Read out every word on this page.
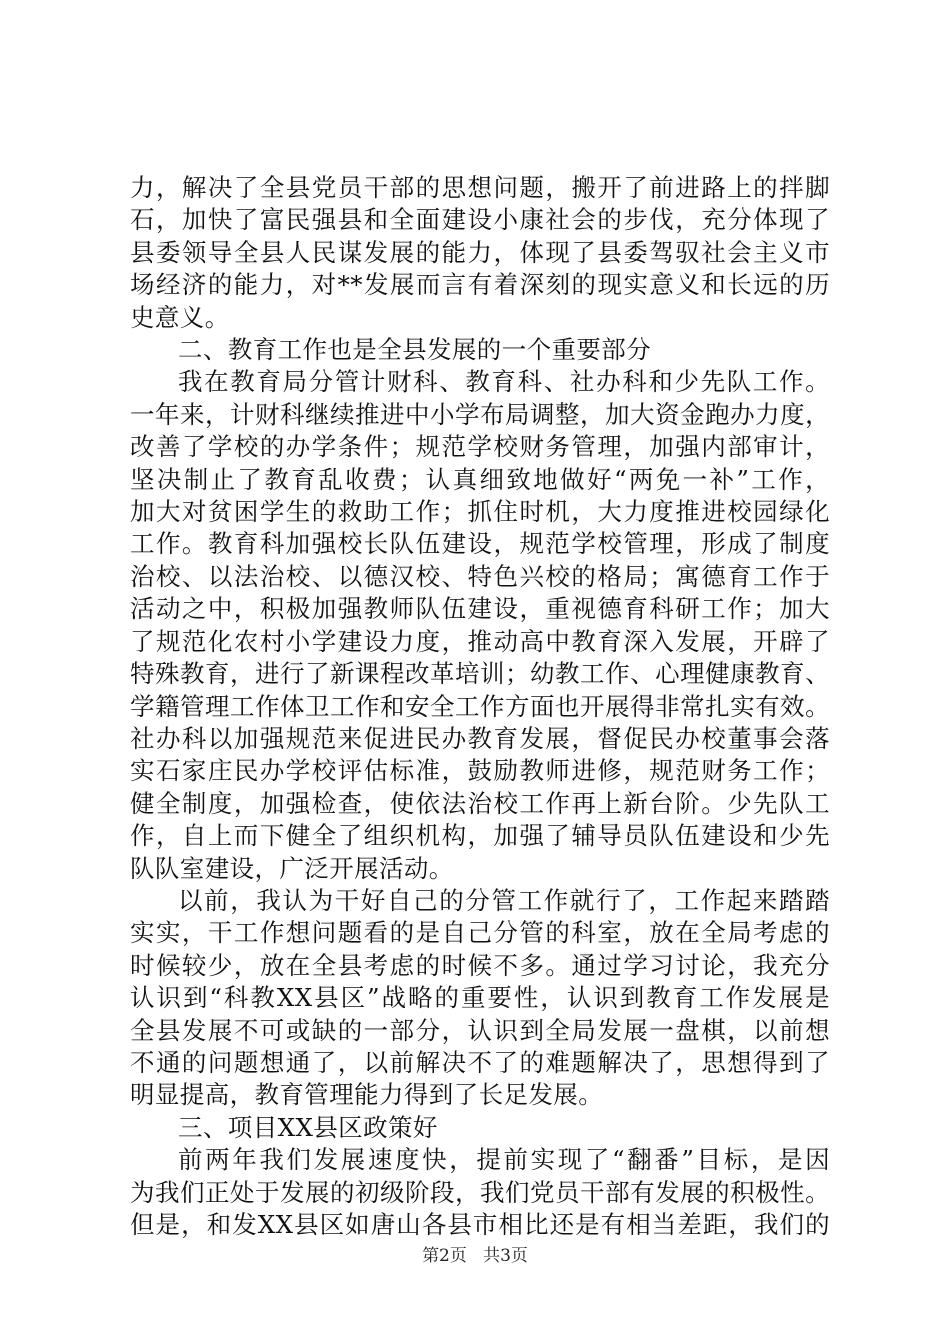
力，解决了全县党员干部的思想问题，搬开了前进路上的拌脚
石，加快了富民强县和全面建设小康社会的步伐，充分体现了
县委领导全县人民谋发展的能力，体现了县委驾驭社会主义市
场经济的能力，对**发展而言有着深刻的现实意义和长远的历
史意义。
二、教育工作也是全县发展的一个重要部分
我在教育局分管计财科、教育科、社办科和少先队工作。
一年来，计财科继续推进中小学布局调整，加大资金跑办力度，
改善了学校的办学条件；规范学校财务管理，加强内部审计，
坚决制止了教育乱收费；认真细致地做好“两免一补”工作，
加大对贫困学生的救助工作；抓住时机，大力度推进校园绿化
工作。教育科加强校长队伍建设，规范学校管理，形成了制度
治校、以法治校、以德汉校、特色兴校的格局；寓德育工作于
活动之中，积极加强教师队伍建设，重视德育科研工作；加大
了规范化农村小学建设力度，推动高中教育深入发展，开辟了
特殊教育，进行了新课程改革培训；幼教工作、心理健康教育、
学籍管理工作体卫工作和安全工作方面也开展得非常扎实有效。
社办科以加强规范来促进民办教育发展，督促民办校董事会落
实石家庄民办学校评估标准，鼓励教师进修，规范财务工作；
健全制度，加强检查，使依法治校工作再上新台阶。少先队工
作，自上而下健全了组织机构，加强了辅导员队伍建设和少先
队队室建设，广泛开展活动。
以前，我认为干好自己的分管工作就行了，工作起来踏踏
实实，干工作想问题看的是自己分管的科室，放在全局考虑的
时候较少，放在全县考虑的时候不多。通过学习讨论，我充分
认识到“科教XX县区”战略的重要性，认识到教育工作发展是
全县发展不可或缺的一部分，认识到全局发展一盘棋，以前想
不通的问题想通了，以前解决不了的难题解决了，思想得到了
明显提高，教育管理能力得到了长足发展。
三、项目XX县区政策好
前两年我们发展速度快，提前实现了“翻番”目标，是因
为我们正处于发展的初级阶段，我们党员干部有发展的积极性。
但是，和发XX县区如唐山各县市相比还是有相当差距，我们的
第2页 共3页
